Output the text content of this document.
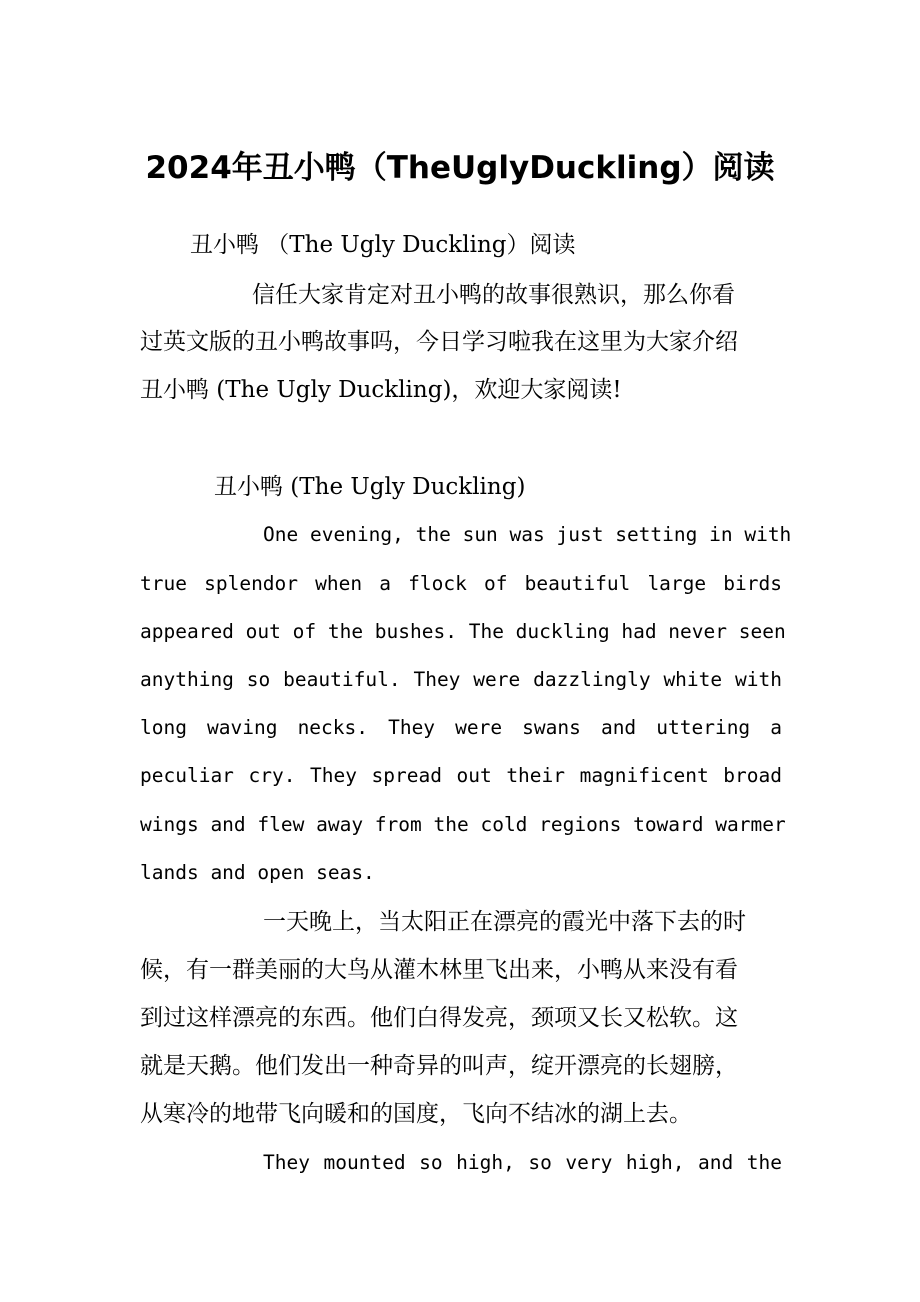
2024年丑小鸭（TheUglyDuckling）阅读
丑小鸭 （The Ugly Duckling）阅读
信任大家肯定对丑小鸭的故事很熟识，那么你看
过英文版的丑小鸭故事吗，今日学习啦我在这里为大家介绍
丑小鸭 (The Ugly Duckling)，欢迎大家阅读!
丑小鸭 (The Ugly Duckling)
One evening, the sun was just setting in with
true splendor when a flock of beautiful large birds
appeared out of the bushes. The duckling had never seen
anything so beautiful. They were dazzlingly white with
long waving necks. They were swans and uttering a
peculiar cry. They spread out their magnificent broad
wings and flew away from the cold regions toward warmer
lands and open seas.
一天晚上，当太阳正在漂亮的霞光中落下去的时
候，有一群美丽的大鸟从灌木林里飞出来，小鸭从来没有看
到过这样漂亮的东西。他们白得发亮，颈项又长又松软。这
就是天鹅。他们发出一种奇异的叫声，绽开漂亮的长翅膀，
从寒冷的地带飞向暖和的国度，飞向不结冰的湖上去。
They mounted so high, so very high, and the
